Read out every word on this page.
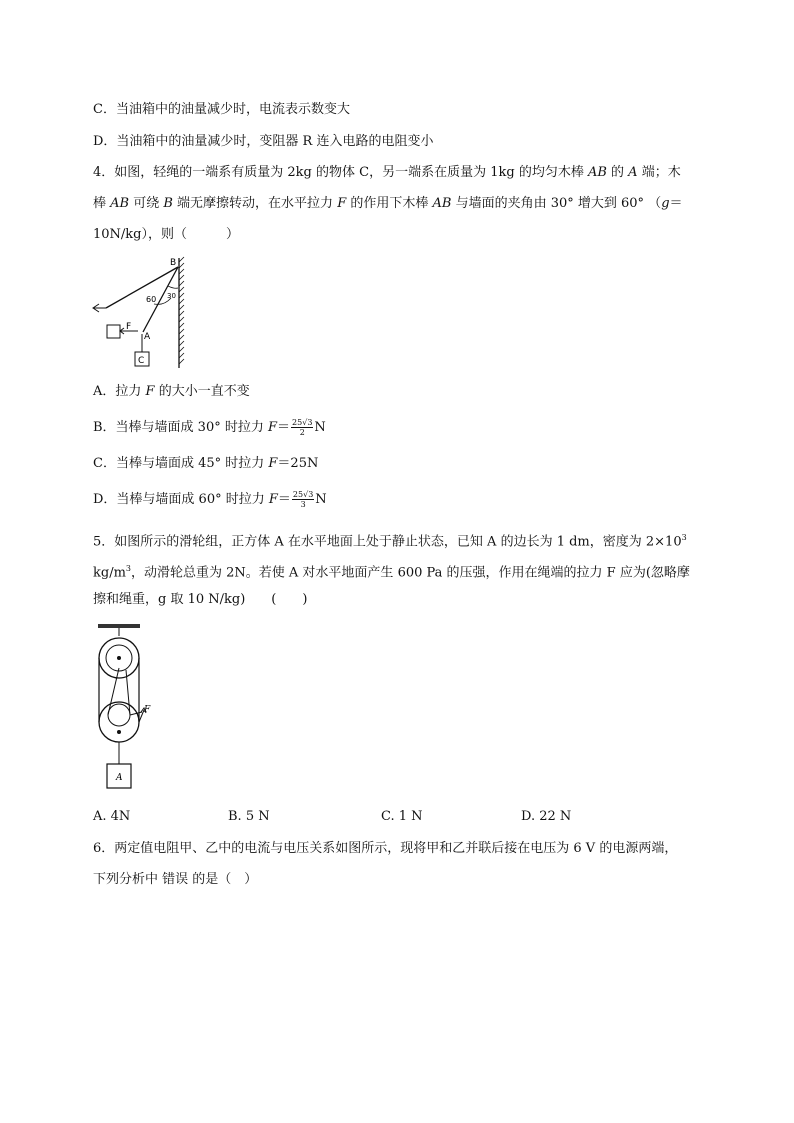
C．当油箱中的油量减少时，电流表示数变大
D．当油箱中的油量减少时，变阻器 R 连入电路的电阻变小
4．如图，轻绳的一端系有质量为 2kg 的物体 C，另一端系在质量为 1kg 的均匀木棒 AB 的 A 端；木
棒 AB 可绕 B 端无摩擦转动，在水平拉力 F 的作用下木棒 AB 与墙面的夹角由 30° 增大到 60° （g＝
10N/kg），则（　　　）
B
60 30
F
A
C
A．拉力 F 的大小一直不变
B．当棒与墙面成 30° 时拉力 $F= \frac{25√3}{2}$ N
C．当棒与墙面成 45° 时拉力 F＝25N
D．当棒与墙面成 60° 时拉力 $F= \frac{25√3}{3}$ N
5．如图所示的滑轮组，正方体 A 在水平地面上处于静止状态，已知 A 的边长为 1 dm，密度为 $2\times 10^3$
$kg/m^3$，动滑轮总重为 2N。若使 A 对水平地面产生 600 Pa 的压强，作用在绳端的拉力 F 应为(忽略摩
擦和绳重，g 取 10 N/kg)　　(　　)
F
A
A. 4N	B. 5 N	C. 1 N	D. 22 N
6．两定值电阻甲、乙中的电流与电压关系如图所示，现将甲和乙并联后接在电压为 6 V 的电源两端，
下列分析中 错误 的是（　）
